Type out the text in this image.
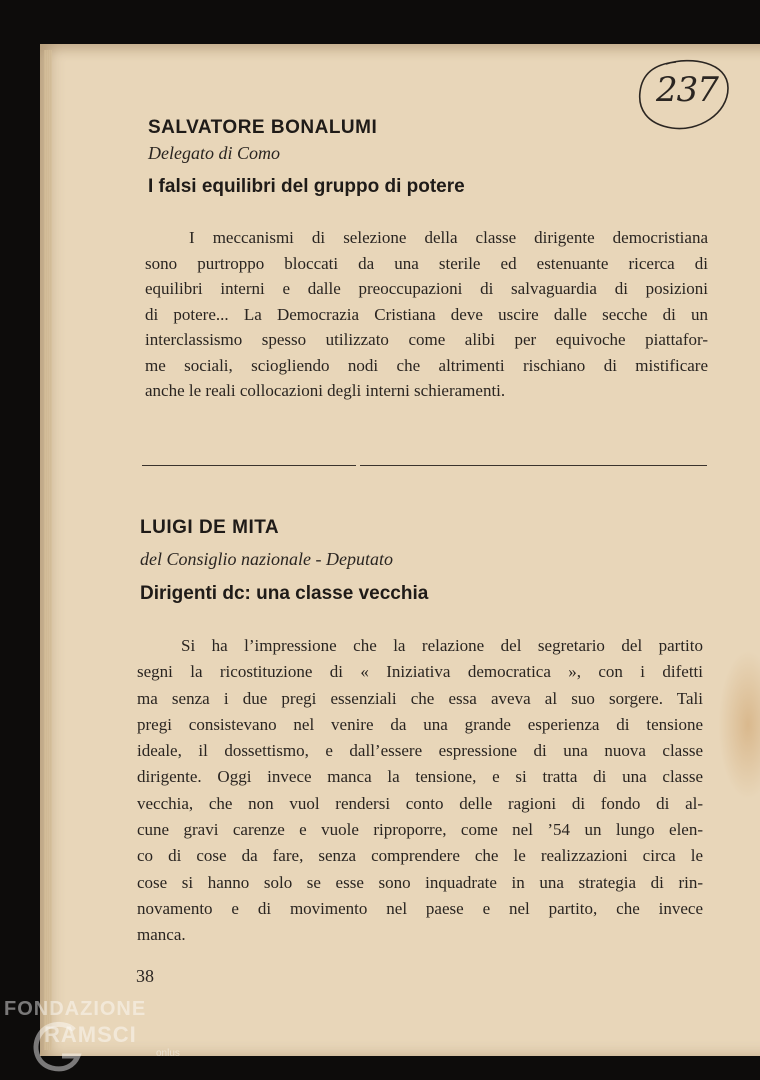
237
SALVATORE BONALUMI

Delegato di Como

I falsi equilibri del gruppo di potere
I meccanismi di selezione della classe dirigente democristiana
sono purtroppo bloccati da una sterile ed estenuante ricerca di
equilibri interni e dalle preoccupazioni di salvaguardia di posizioni
di potere... La Democrazia Cristiana deve uscire dalle secche di un
interclassismo spesso utilizzato come alibi per equivoche piattafor-
me sociali, sciogliendo nodi che altrimenti rischiano di mistificare
anche le reali collocazioni degli interni schieramenti.
LUIGI DE MITA

del Consiglio nazionale - Deputato

Dirigenti dc: una classe vecchia
Si ha l’impressione che la relazione del segretario del partito
segni la ricostituzione di « Iniziativa democratica », con i difetti
ma senza i due pregi essenziali che essa aveva al suo sorgere. Tali
pregi consistevano nel venire da una grande esperienza di tensione
ideale, il dossettismo, e dall’essere espressione di una nuova classe
dirigente. Oggi invece manca la tensione, e si tratta di una classe
vecchia, che non vuol rendersi conto delle ragioni di fondo di al-
cune gravi carenze e vuole riproporre, come nel ’54 un lungo elen-
co di cose da fare, senza comprendere che le realizzazioni circa le
cose si hanno solo se esse sono inquadrate in una strategia di rin-
novamento e di movimento nel paese e nel partito, che invece
manca.

38

FONDAZIONE
RAMSCI
onlus
